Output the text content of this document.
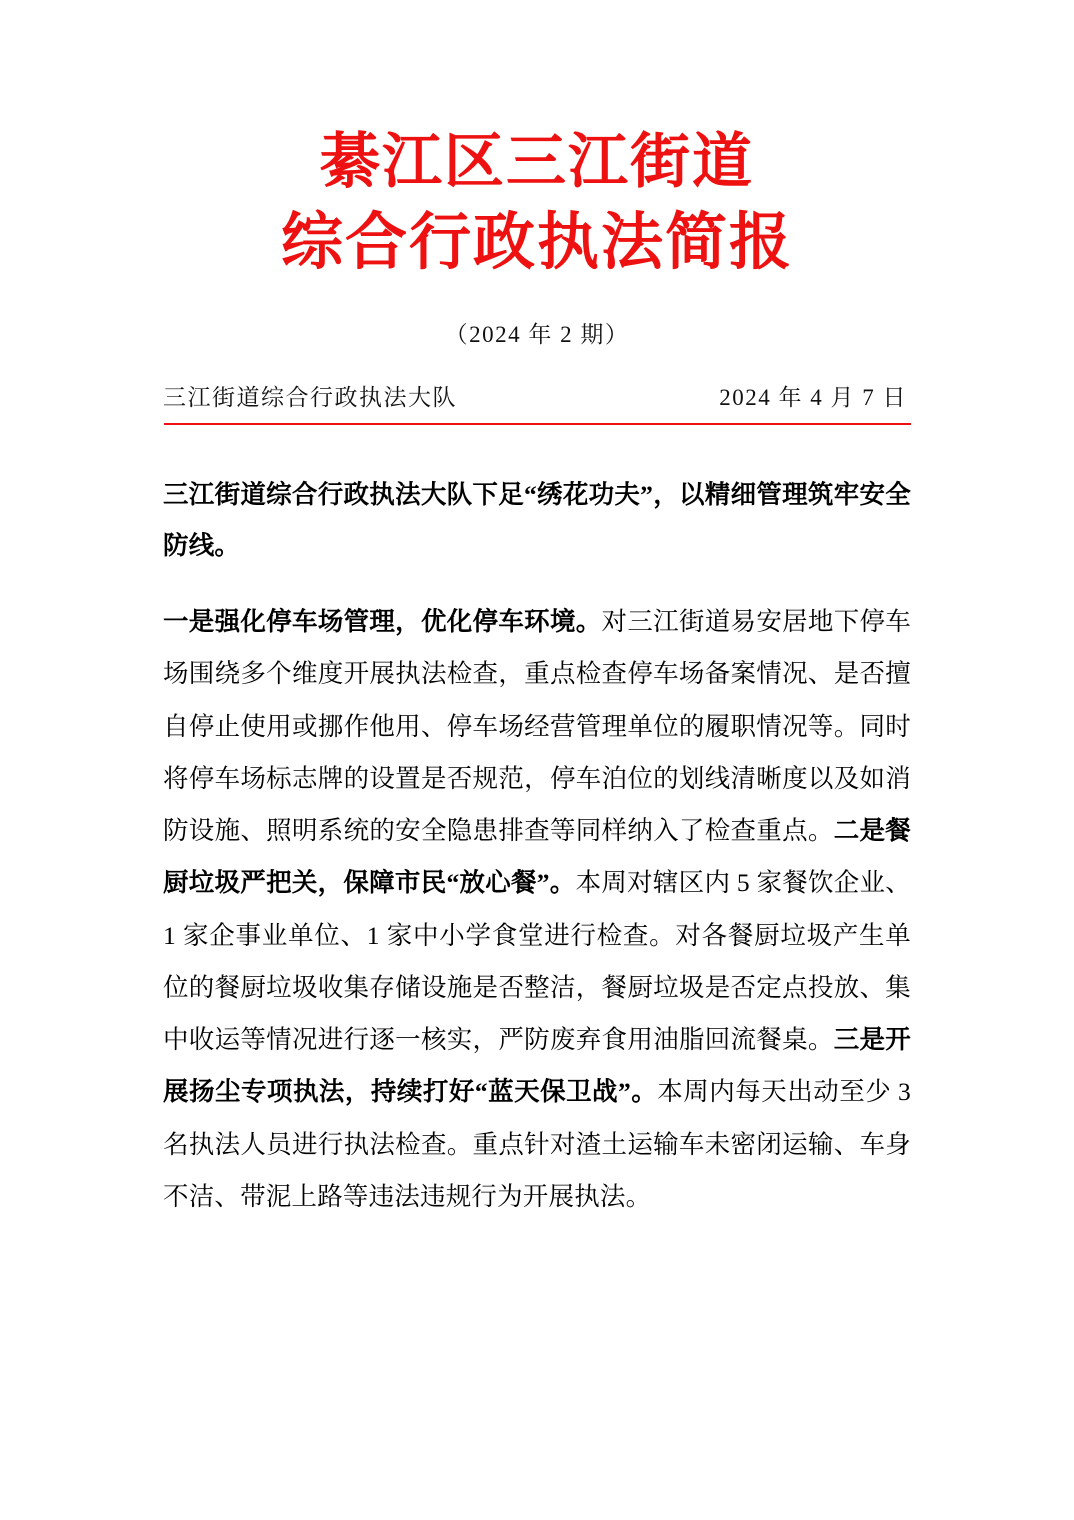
綦江区三江街道
综合行政执法简报
（2024 年 2 期）
三江街道综合行政执法大队	2024 年 4 月 7 日

三江街道综合行政执法大队下足“绣花功夫”，以精细管理筑牢安全防线。

一是强化停车场管理，优化停车环境。对三江街道易安居地下停车场围绕多个维度开展执法检查，重点检查停车场备案情况、是否擅自停止使用或挪作他用、停车场经营管理单位的履职情况等。同时将停车场标志牌的设置是否规范，停车泊位的划线清晰度以及如消防设施、照明系统的安全隐患排查等同样纳入了检查重点。二是餐厨垃圾严把关，保障市民“放心餐”。本周对辖区内 5 家餐饮企业、1 家企事业单位、1 家中小学食堂进行检查。对各餐厨垃圾产生单位的餐厨垃圾收集存储设施是否整洁，餐厨垃圾是否定点投放、集中收运等情况进行逐一核实，严防废弃食用油脂回流餐桌。三是开展扬尘专项执法，持续打好“蓝天保卫战”。本周内每天出动至少 3 名执法人员进行执法检查。重点针对渣土运输车未密闭运输、车身不洁、带泥上路等违法违规行为开展执法。
